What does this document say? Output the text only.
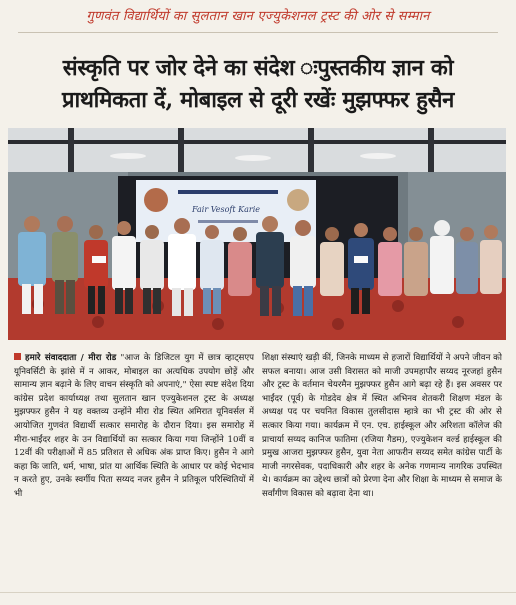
गुणवंत विद्यार्थियों का सुलतान खान एज्युकेशनल ट्रस्ट की ओर से सम्मान
संस्कृति पर जोर देने का संदेश ःपुस्तकीय ज्ञान को
प्राथमिकता दें, मोबाइल से दूरी रखेंः मुझफ्फर हुसैन
Fair Vesoft Karie
हमारे संवाददाता / मीरा रोड "आज के डिजिटल युग में छात्र व्हाट्सएप यूनिवर्सिटी के झांसे में न आकर, मोबाइल का अत्यधिक उपयोग छोड़ें और सामान्य ज्ञान बढ़ाने के लिए वाचन संस्कृति को अपनाएं," ऐसा स्पष्ट संदेश दिया कांग्रेस प्रदेश कार्याध्यक्ष तथा सुलतान खान एज्युकेशनल ट्रस्ट के अध्यक्ष मुझफ्फर हुसैन ने यह वक्तव्य उन्होंने मीरा रोड स्थित अमिरात यूनिवर्सल में आयोजित गुणवंत विद्यार्थी सत्कार समारोह के दौरान दिया। इस समारोह में मीरा-भाईंदर शहर के उन विद्यार्थियों का सत्कार किया गया जिन्होंने 10वीं व 12वीं की परीक्षाओं में 85 प्रतिशत से अधिक अंक प्राप्त किए। हुसैन ने आगे कहा कि जाति, धर्म, भाषा, प्रांत या आर्थिक स्थिति के आधार पर कोई भेदभाव न करते हुए, उनके स्वर्गीय पिता सय्यद नजर हुसैन ने प्रतिकूल परिस्थितियों में भी
शिक्षा संस्थाएं खड़ी कीं, जिनके माध्यम से हजारों विद्यार्थियों ने अपने जीवन को सफल बनाया। आज उसी विरासत को माजी उपमहापौर सय्यद नूरजहां हुसैन और ट्रस्ट के वर्तमान चेयरमैन मुझफ्फर हुसैन आगे बढ़ा रहे हैं। इस अवसर पर भाईंदर (पूर्व) के गोडदेव क्षेत्र में स्थित अभिनव शेतकरी शिक्षण मंडल के अध्यक्ष पद पर चयनित विकास तुलसीदास म्हात्रे का भी ट्रस्ट की ओर से सत्कार किया गया। कार्यक्रम में एन. एच. हाईस्कूल और अरिशता कॉलेज की प्राचार्या सय्यद कानिज फातिमा (रजिया गैडम), एज्युकेशन वर्ल्ड हाईस्कूल की प्रमुख आजरा मुझफ्फर हुसैन, युवा नेता आफरीन सय्यद समेत कांग्रेस पार्टी के माजी नगरसेवक, पदाधिकारी और शहर के अनेक गणमान्य नागरिक उपस्थित थे। कार्यक्रम का उद्देश्य छात्रों को प्रेरणा देना और शिक्षा के माध्यम से समाज के सर्वांगीण विकास को बढ़ावा देना था।
